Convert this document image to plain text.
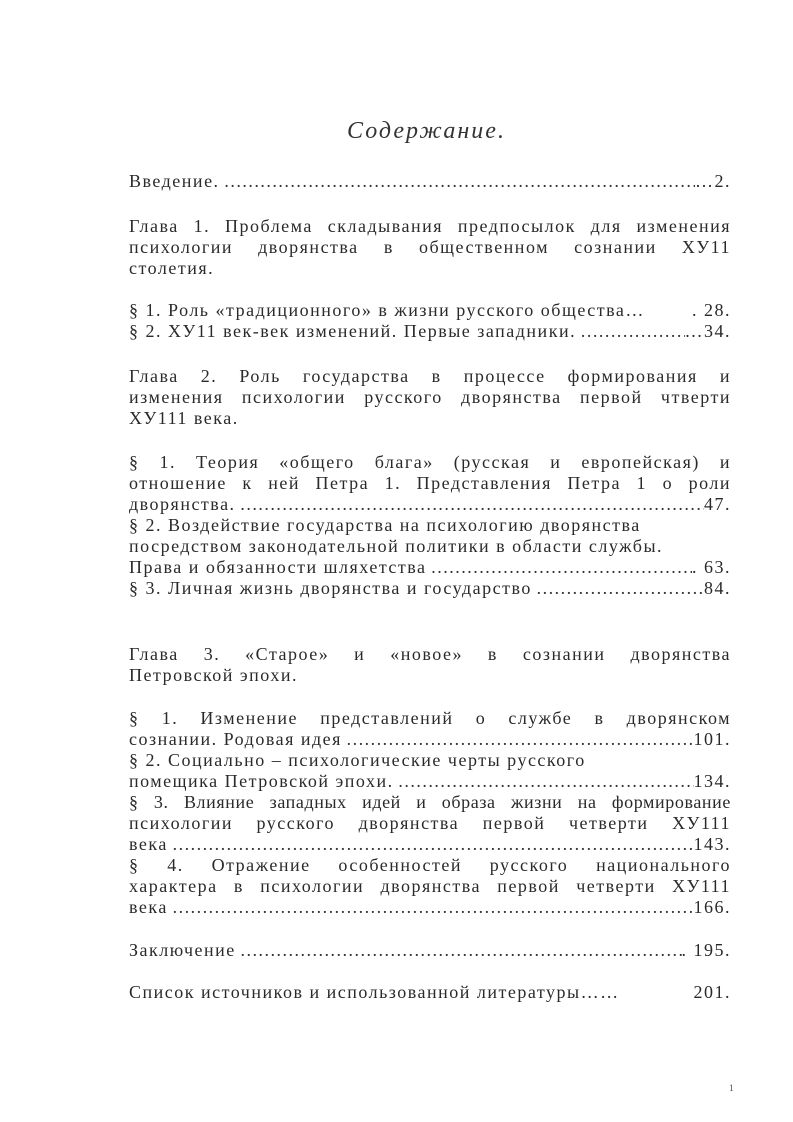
Содержание.
Введение. ……………………………………………………………………………………………………………………………………………………	…2.
Глава 1. Проблема складывания предпосылок для изменения
психологии дворянства в общественном сознании ХУ11
столетия.
§ 1. Роль «традиционного» в жизни русского общества…	. 28.
§ 2. ХУ11 век-век изменений. Первые западники. ……………………………………………………………………………………………………………………………………………………	…34.
Глава 2. Роль государства в процессе формирования и
изменения психологии русского дворянства первой чтверти
ХУ111 века.
§ 1. Теория «общего блага» (русская и европейская) и
отношение к ней Петра 1. Представления Петра 1 о роли
дворянства. ……………………………………………………………………………………………………………………………………………………	47.
§ 2. Воздействие государства на психологию дворянства
посредством законодательной политики в области службы.
Права и обязанности шляхетства ……………………………………………………………………………………………………………………………………………………	. 63.
§ 3. Личная жизнь дворянства и государство ……………………………………………………………………………………………………………………………………………………	84.
Глава 3. «Старое» и «новое» в сознании дворянства
Петровской эпохи.
§ 1. Изменение представлений о службе в дворянском
сознании. Родовая идея ……………………………………………………………………………………………………………………………………………………	101.
§ 2. Социально – психологические черты русского
помещика Петровской эпохи. ……………………………………………………………………………………………………………………………………………………	134.
§ 3. Влияние западных идей и образа жизни на формирование
психологии русского дворянства первой четверти ХУ111
века ……………………………………………………………………………………………………………………………………………………	143.
§ 4. Отражение особенностей русского национального
характера в психологии дворянства первой четверти ХУ111
века ……………………………………………………………………………………………………………………………………………………	166.
Заключение ……………………………………………………………………………………………………………………………………………………	. 195.
Список источников и использованной литературы……	201.
1
